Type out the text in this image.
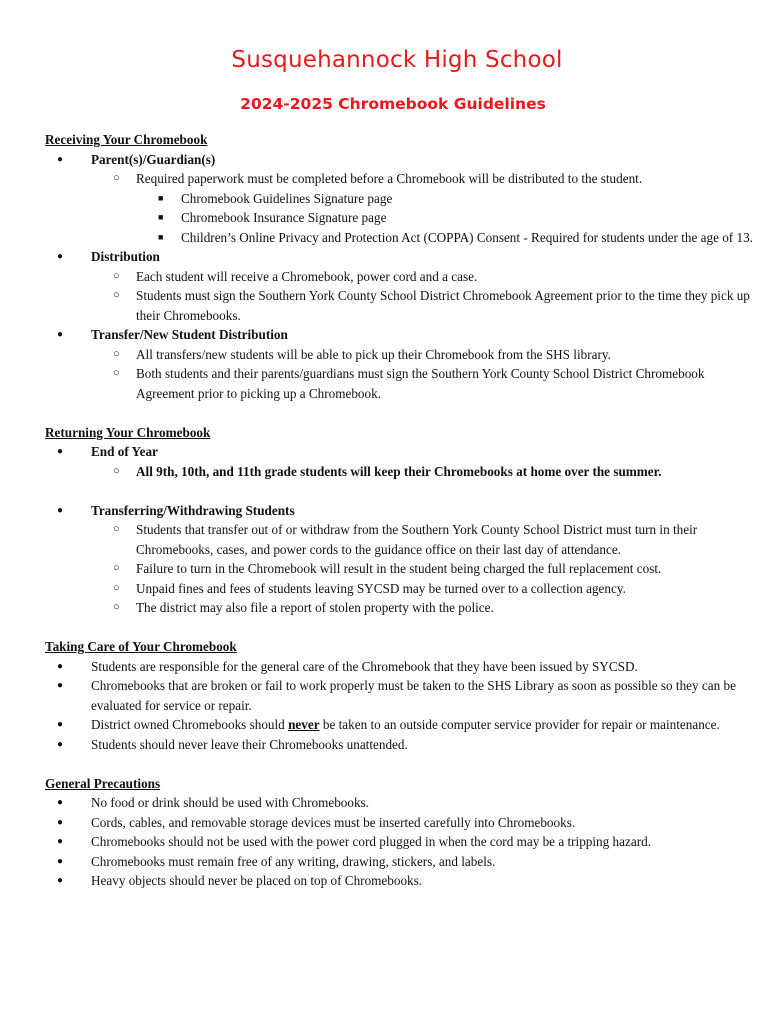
Susquehannock High School
2024-2025 Chromebook Guidelines
Receiving Your Chromebook
● Parent(s)/Guardian(s)
○ Required paperwork must be completed before a Chromebook will be distributed to the student.
■ Chromebook Guidelines Signature page
■ Chromebook Insurance Signature page
■ Children’s Online Privacy and Protection Act (COPPA) Consent - Required for students under the age of 13.
● Distribution
○ Each student will receive a Chromebook, power cord and a case.
○ Students must sign the Southern York County School District Chromebook Agreement prior to the time they pick up their Chromebooks.
● Transfer/New Student Distribution
○ All transfers/new students will be able to pick up their Chromebook from the SHS library.
○ Both students and their parents/guardians must sign the Southern York County School District Chromebook Agreement prior to picking up a Chromebook.
Returning Your Chromebook
● End of Year
○ All 9th, 10th, and 11th grade students will keep their Chromebooks at home over the summer.
● Transferring/Withdrawing Students
○ Students that transfer out of or withdraw from the Southern York County School District must turn in their Chromebooks, cases, and power cords to the guidance office on their last day of attendance.
○ Failure to turn in the Chromebook will result in the student being charged the full replacement cost.
○ Unpaid fines and fees of students leaving SYCSD may be turned over to a collection agency.
○ The district may also file a report of stolen property with the police.
Taking Care of Your Chromebook
● Students are responsible for the general care of the Chromebook that they have been issued by SYCSD.
● Chromebooks that are broken or fail to work properly must be taken to the SHS Library as soon as possible so they can be evaluated for service or repair.
● District owned Chromebooks should never be taken to an outside computer service provider for repair or maintenance.
● Students should never leave their Chromebooks unattended.
General Precautions
● No food or drink should be used with Chromebooks.
● Cords, cables, and removable storage devices must be inserted carefully into Chromebooks.
● Chromebooks should not be used with the power cord plugged in when the cord may be a tripping hazard.
● Chromebooks must remain free of any writing, drawing, stickers, and labels.
● Heavy objects should never be placed on top of Chromebooks.
